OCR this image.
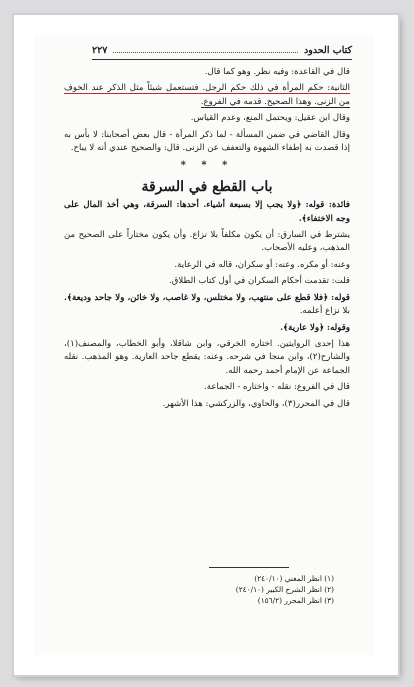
كتاب الحدود
٢٢٧

قال في القاعدة: وفيه نظر. وهو كما قال.

الثانية: حكم المرأة في ذلك حكم الرجل. فتستعمل شيئاً مثل الذكر عند الخوف من الزنى. وهذا الصحيح. قدمه في الفروع.

وقال ابن عقيل: ويحتمل المنع، وعدم القياس.

وقال القاضي في ضمن المسألة - لما ذكر المرأة - قال بعض أصحابنا: لا بأس به إذا قصدت به إطفاء الشهوة والتعفف عن الزنى. قال: والصحيح عندي أنه لا يباح.

* * *
باب القطع في السرقة

فائدة: قوله: ﴿ولا يجب إلا بسبعة أشياء. أحدها: السرقة، وهي أخذ المال على وجه الاختفاء﴾.

يشترط في السارق: أن يكون مكلفاً بلا نزاع. وأن يكون مختاراً على الصحيح من المذهب، وعليه الأصحاب.

وعنه: أو مكره. وعنه: أو سكران، قاله في الرعاية.

قلت: تقدمت أحكام السكران في أول كتاب الطلاق.

قوله: ﴿فلا قطع على منتهب، ولا مختلس، ولا غاصب، ولا خائن، ولا جاحد وديعة﴾. بلا نزاع أعلمه.

وقوله: ﴿ولا عارية﴾.

هذا إحدى الروايتين. اختاره الخرقي، وابن شاقلا، وأبو الخطاب، والمصنف(١)، والشارح(٢)، وابن منجا في شرحه. وعنه: يقطع جاحد العارية. وهو المذهب. نقله الجماعة عن الإمام أحمد رحمه الله.

قال في الفروع: نقله - واختاره - الجماعة.

قال في المحرر(٣)، والحاوي، والزركشي: هذا الأشهر.

(١) انظر المغني (٢٤٠/١٠)
(٢) انظر الشرح الكبير (٢٤٠/١٠)
(٣) انظر المحرر (١٥٦/٢)
